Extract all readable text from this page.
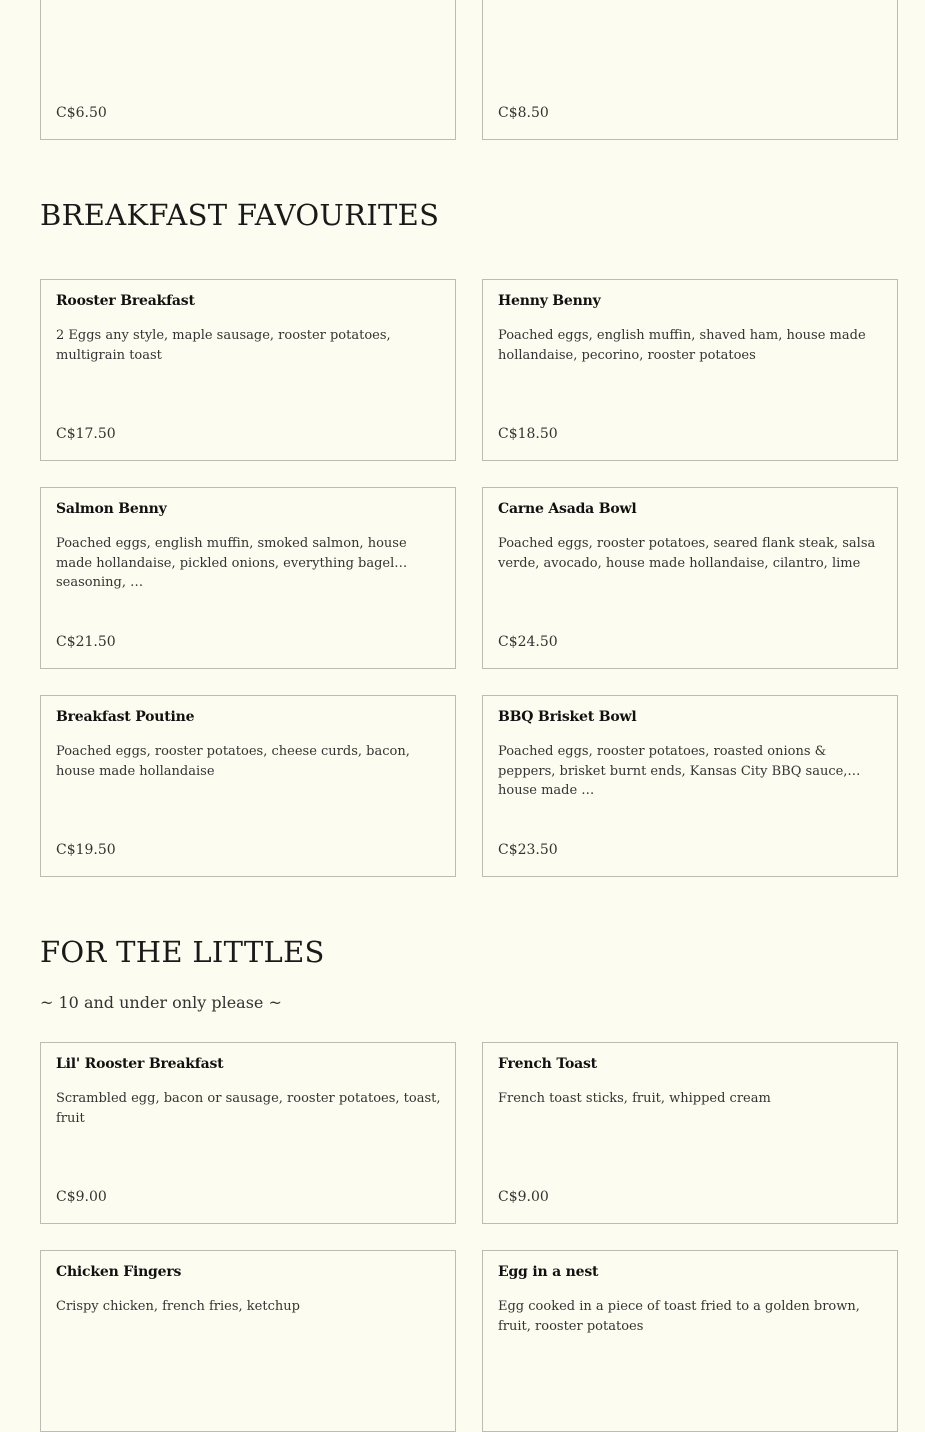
C$6.50	C$8.50
BREAKFAST FAVOURITES
Rooster Breakfast
2 Eggs any style, maple sausage, rooster potatoes, multigrain toast
C$17.50
Henny Benny
Poached eggs, english muffin, shaved ham, house made hollandaise, pecorino, rooster potatoes
C$18.50
Salmon Benny
Poached eggs, english muffin, smoked salmon, house made hollandaise, pickled onions, everything bagel seasoning, …
C$21.50
Carne Asada Bowl
Poached eggs, rooster potatoes, seared flank steak, salsa verde, avocado, house made hollandaise, cilantro, lime
C$24.50
Breakfast Poutine
Poached eggs, rooster potatoes, cheese curds, bacon, house made hollandaise
C$19.50
BBQ Brisket Bowl
Poached eggs, rooster potatoes, roasted onions & peppers, brisket burnt ends, Kansas City BBQ sauce, house made …
C$23.50
FOR THE LITTLES
~ 10 and under only please ~
Lil' Rooster Breakfast
Scrambled egg, bacon or sausage, rooster potatoes, toast, fruit
C$9.00
French Toast
French toast sticks, fruit, whipped cream
C$9.00
Chicken Fingers
Crispy chicken, french fries, ketchup
Egg in a nest
Egg cooked in a piece of toast fried to a golden brown, fruit, rooster potatoes
